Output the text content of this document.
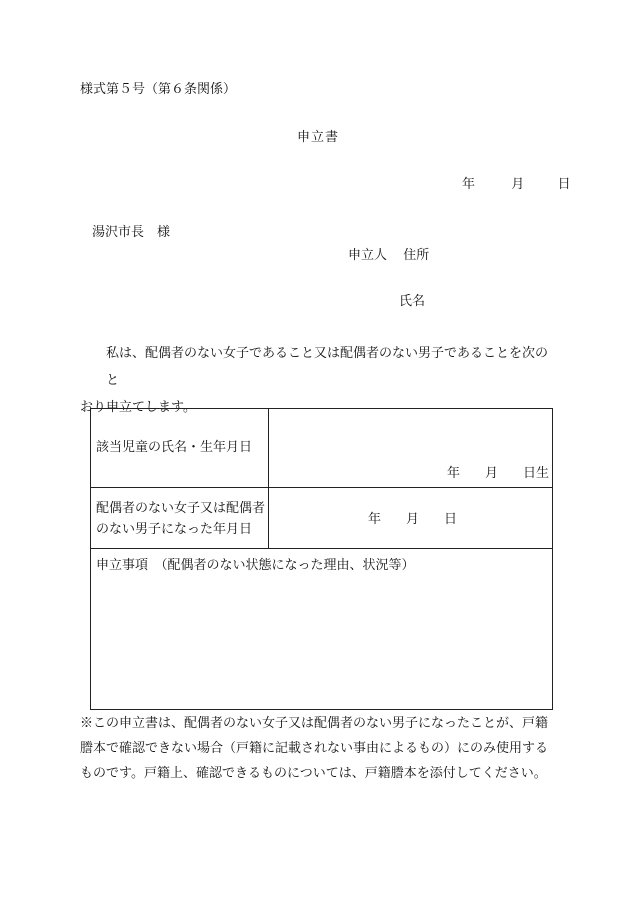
様式第５号（第６条関係）
申立書
年	月	日
湯沢市長　様
申立人 住所
氏名
私は、配偶者のない女子であること又は配偶者のない男子であることを次のと
おり申立てします。
該当児童の氏名・生年月日
年 月 日生
配偶者のない女子又は配偶者
のない男子になった年月日
年 月 日
申立事項　（配偶者のない状態になった理由、状況等）
※この申立書は、配偶者のない女子又は配偶者のない男子になったことが、戸籍
謄本で確認できない場合（戸籍に記載されない事由によるもの）にのみ使用する
ものです。戸籍上、確認できるものについては、戸籍謄本を添付してください。
